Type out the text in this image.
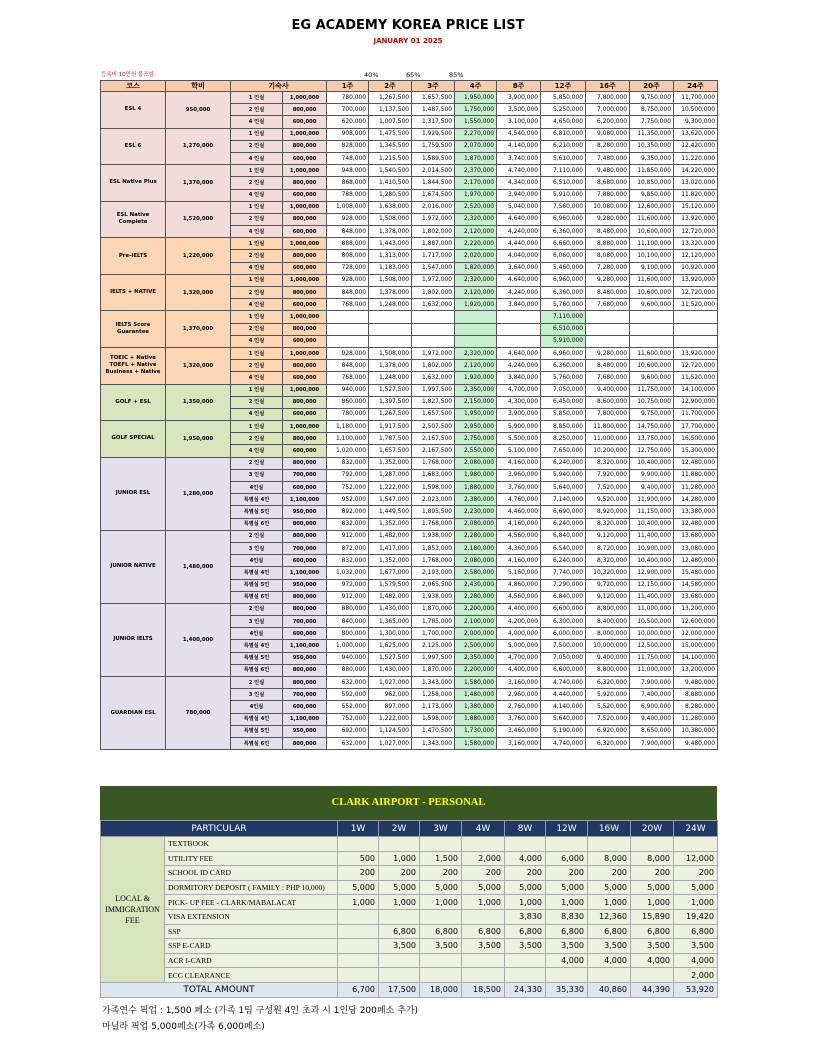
EG ACADEMY KOREA PRICE LIST
JANUARY 01 2025
등록비 10만원 불포함	40%	65%	85%
코스	학비	기숙사		1주	2주	3주	4주	8주	12주	16주	20주	24주
ESL 4	950,000	1 인실	1,000,000	780,000	1,267,500	1,657,500	1,950,000	3,900,000	5,850,000	7,800,000	9,750,000	11,700,000
		2 인실	800,000	700,000	1,137,500	1,487,500	1,750,000	3,500,000	5,250,000	7,000,000	8,750,000	10,500,000
		4 인실	600,000	620,000	1,007,500	1,317,500	1,550,000	3,100,000	4,650,000	6,200,000	7,750,000	9,300,000
ESL 6	1,270,000	1 인실	1,000,000	908,000	1,475,500	1,929,500	2,270,000	4,540,000	6,810,000	9,080,000	11,350,000	13,620,000
		2 인실	800,000	828,000	1,345,500	1,759,500	2,070,000	4,140,000	6,210,000	8,280,000	10,350,000	12,420,000
		4 인실	600,000	748,000	1,215,500	1,589,500	1,870,000	3,740,000	5,610,000	7,480,000	9,350,000	11,220,000
ESL Native Plus	1,370,000	1 인실	1,000,000	948,000	1,540,500	2,014,500	2,370,000	4,740,000	7,110,000	9,480,000	11,850,000	14,220,000
		2 인실	800,000	868,000	1,410,500	1,844,500	2,170,000	4,340,000	6,510,000	8,680,000	10,850,000	13,020,000
		4 인실	600,000	788,000	1,280,500	1,674,500	1,970,000	3,940,000	5,910,000	7,880,000	9,850,000	11,820,000
ESL Native Complete	1,520,000	1 인실	1,000,000	1,008,000	1,638,000	2,016,000	2,520,000	5,040,000	7,560,000	10,080,000	12,600,000	15,120,000
		2 인실	800,000	928,000	1,508,000	1,972,000	2,320,000	4,640,000	6,960,000	9,280,000	11,600,000	13,920,000
		4 인실	600,000	848,000	1,378,000	1,802,000	2,120,000	4,240,000	6,360,000	8,480,000	10,600,000	12,720,000
Pre-IELTS	1,220,000	1 인실	1,000,000	888,000	1,443,000	1,887,000	2,220,000	4,440,000	6,660,000	8,880,000	11,100,000	13,320,000
		2 인실	800,000	808,000	1,313,000	1,717,000	2,020,000	4,040,000	6,060,000	8,080,000	10,100,000	12,120,000
		4 인실	600,000	728,000	1,183,000	1,547,000	1,820,000	3,640,000	5,460,000	7,280,000	9,100,000	10,920,000
IELTS + NATIVE	1,320,000	1 인실	1,000,000	928,000	1,508,000	1,972,000	2,320,000	4,640,000	6,960,000	9,280,000	11,600,000	13,920,000
		2 인실	800,000	848,000	1,378,000	1,802,000	2,120,000	4,240,000	6,360,000	8,480,000	10,600,000	12,720,000
		4 인실	600,000	768,000	1,248,000	1,632,000	1,920,000	3,840,000	5,760,000	7,680,000	9,600,000	11,520,000
IELTS Score Guarantee	1,370,000	1 인실	1,000,000						7,110,000			
		2 인실	800,000						6,510,000			
		4 인실	600,000						5,910,000			
TOEIC + Native TOEFL + Native Business + Native	1,320,000	1 인실	1,000,000	928,000	1,508,000	1,972,000	2,320,000	4,640,000	6,960,000	9,280,000	11,600,000	13,920,000
		2 인실	800,000	848,000	1,378,000	1,802,000	2,120,000	4,240,000	6,360,000	8,480,000	10,600,000	12,720,000
		4 인실	600,000	768,000	1,248,000	1,632,000	1,920,000	3,840,000	5,760,000	7,680,000	9,600,000	11,520,000
GOLF + ESL	1,350,000	1 인실	1,000,000	940,000	1,527,500	1,997,500	2,350,000	4,700,000	7,050,000	9,400,000	11,750,000	14,100,000
		2 인실	800,000	860,000	1,397,500	1,827,500	2,150,000	4,300,000	6,450,000	8,600,000	10,750,000	12,900,000
		4 인실	600,000	780,000	1,267,500	1,657,500	1,950,000	3,900,000	5,850,000	7,800,000	9,750,000	11,700,000
GOLF SPECIAL	1,950,000	1 인실	1,000,000	1,180,000	1,917,500	2,507,500	2,950,000	5,900,000	8,850,000	11,800,000	14,750,000	17,700,000
		2 인실	800,000	1,100,000	1,787,500	2,167,500	2,750,000	5,500,000	8,250,000	11,000,000	13,750,000	16,500,000
		4 인실	600,000	1,020,000	1,657,500	2,167,500	2,550,000	5,100,000	7,650,000	10,200,000	12,750,000	15,300,000
JUNIOR ESL	1,280,000	2 인실	800,000	832,000	1,352,000	1,768,000	2,080,000	4,160,000	6,240,000	8,320,000	10,400,000	12,480,000
		3 인실	700,000	792,000	1,287,000	1,683,000	1,980,000	3,960,000	5,940,000	7,920,000	9,900,000	11,880,000
		4인실	600,000	752,000	1,222,000	1,598,000	1,880,000	3,760,000	5,640,000	7,520,000	9,400,000	11,280,000
		특별실 4인	1,100,000	952,000	1,547,000	2,023,000	2,380,000	4,760,000	7,140,000	9,520,000	11,900,000	14,280,000
		특별실 5인	950,000	892,000	1,449,500	1,895,500	2,230,000	4,460,000	6,690,000	8,920,000	11,150,000	13,380,000
		특별실 6인	800,000	832,000	1,352,000	1,768,000	2,080,000	4,160,000	6,240,000	8,320,000	10,400,000	12,480,000
JUNIOR NATIVE	1,480,000	2 인실	800,000	912,000	1,482,000	1,938,000	2,280,000	4,560,000	6,840,000	9,120,000	11,400,000	13,680,000
		3 인실	700,000	872,000	1,417,000	1,853,000	2,180,000	4,360,000	6,540,000	8,720,000	10,900,000	13,080,000
		4인실	600,000	832,000	1,352,000	1,768,000	2,080,000	4,160,000	6,240,000	8,320,000	10,400,000	12,480,000
		특별실 4인	1,100,000	1,032,000	1,677,000	2,193,000	2,580,000	5,160,000	7,740,000	10,320,000	12,900,000	15,480,000
		특별실 5인	950,000	972,000	1,579,500	2,065,500	2,430,000	4,860,000	7,290,000	9,720,000	12,150,000	14,580,000
		특별실 6인	800,000	912,000	1,482,000	1,938,000	2,280,000	4,560,000	6,840,000	9,120,000	11,400,000	13,680,000
JUNIOR IELTS	1,400,000	2 인실	800,000	880,000	1,430,000	1,870,000	2,200,000	4,400,000	6,600,000	8,800,000	11,000,000	13,200,000
		3 인실	700,000	840,000	1,365,000	1,785,000	2,100,000	4,200,000	6,300,000	8,400,000	10,500,000	12,600,000
		4인실	600,000	800,000	1,300,000	1,700,000	2,000,000	4,000,000	6,000,000	8,000,000	10,000,000	12,000,000
		특별실 4인	1,100,000	1,000,000	1,625,000	2,125,000	2,500,000	5,000,000	7,500,000	10,000,000	12,500,000	15,000,000
		특별실 5인	950,000	940,000	1,527,500	1,997,500	2,350,000	4,700,000	7,050,000	9,400,000	11,750,000	14,100,000
		특별실 6인	800,000	880,000	1,430,000	1,870,000	2,200,000	4,400,000	6,600,000	8,800,000	11,000,000	13,200,000
GUARDIAN ESL	780,000	2 인실	800,000	632,000	1,027,000	1,343,000	1,580,000	3,160,000	4,740,000	6,320,000	7,900,000	9,480,000
		3 인실	700,000	592,000	962,000	1,258,000	1,480,000	2,960,000	4,440,000	5,920,000	7,400,000	8,880,000
		4인실	600,000	552,000	897,000	1,173,000	1,380,000	2,760,000	4,140,000	5,520,000	6,900,000	8,280,000
		특별실 4인	1,100,000	752,000	1,222,000	1,598,000	1,880,000	3,760,000	5,640,000	7,520,000	9,400,000	11,280,000
		특별실 5인	950,000	692,000	1,124,500	1,470,500	1,730,000	3,460,000	5,190,000	6,920,000	8,650,000	10,380,000
		특별실 6인	800,000	632,000	1,027,000	1,343,000	1,580,000	3,160,000	4,740,000	6,320,000	7,900,000	9,480,000
CLARK AIRPORT - PERSONAL
PARTICULAR		1W	2W	3W	4W	8W	12W	16W	20W	24W
LOCAL & IMMIGRATION FEE	TEXTBOOK									
	UTILITY FEE	500	1,000	1,500	2,000	4,000	6,000	8,000	8,000	12,000
	SCHOOL ID CARD	200	200	200	200	200	200	200	200	200
	DORMITORY DEPOSIT ( FAMILY : PHP 10,000)	5,000	5,000	5,000	5,000	5,000	5,000	5,000	5,000	5,000
	PICK- UP FEE - CLARK/MABALACAT	1,000	1,000	1,000	1,000	1,000	1,000	1,000	1,000	1,000
	VISA EXTENSION					3,830	8,830	12,360	15,890	19,420
	SSP		6,800	6,800	6,800	6,800	6,800	6,800	6,800	6,800
	SSP E-CARD		3,500	3,500	3,500	3,500	3,500	3,500	3,500	3,500
	ACR I-CARD						4,000	4,000	4,000	4,000
	ECC CLEARANCE									2,000
TOTAL AMOUNT		6,700	17,500	18,000	18,500	24,330	35,330	40,860	44,390	53,920
가족연수 픽업 : 1,500 페소 (가족 1팀 구성원 4인 초과 시 1인당 200페소 추가)
마닐라 픽업 5,000페소(가족 6,000페소)
